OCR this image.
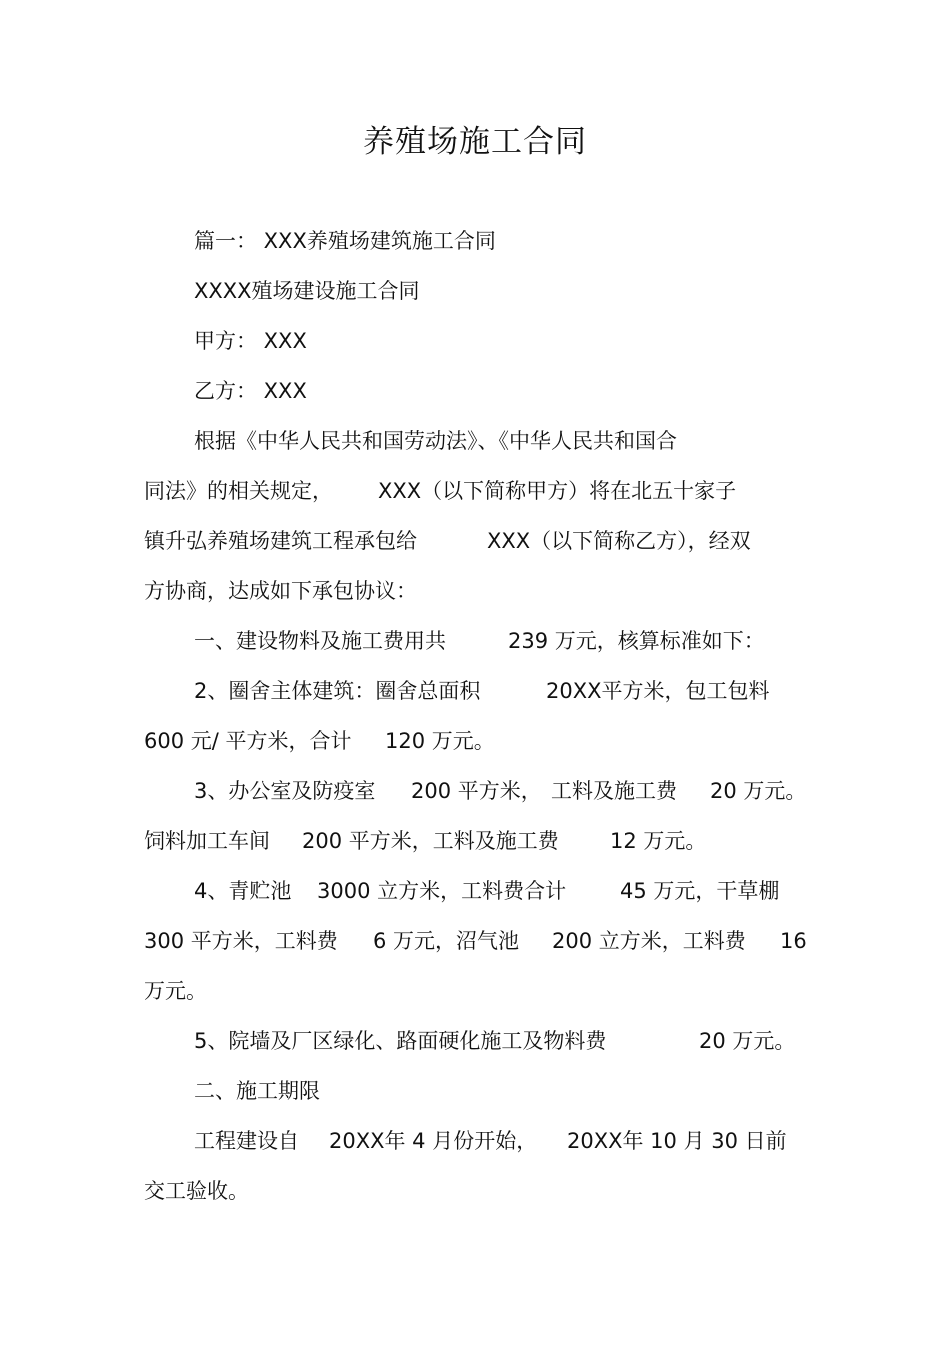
养殖场施工合同
篇一： XXX养殖场建筑施工合同
XXXX殖场建设施工合同
甲方： XXX
乙方： XXX
根据《中华人民共和国劳动法》、《中华人民共和国合
同法》的相关规定， XXX（以下简称甲方）将在北五十家子
镇升弘养殖场建筑工程承包给	XXX（以下简称乙方），经双
方协商，达成如下承包协议：
一、建设物料及施工费用共	239 万元，核算标准如下：
2、圈舍主体建筑：圈舍总面积	20XX平方米，包工包料
600 元/ 平方米，合计 120 万元。
3、办公室及防疫室 200 平方米， 工料及施工费 20 万元。
饲料加工车间 200 平方米，工料及施工费 12 万元。
4、青贮池 3000 立方米，工料费合计	45 万元，干草棚
300 平方米，工料费 6 万元，沼气池 200 立方米，工料费 16
万元。
5、院墙及厂区绿化、路面硬化施工及物料费	20 万元。
二、施工期限
工程建设自 20XX年 4 月份开始， 20XX年 10 月 30 日前
交工验收。
